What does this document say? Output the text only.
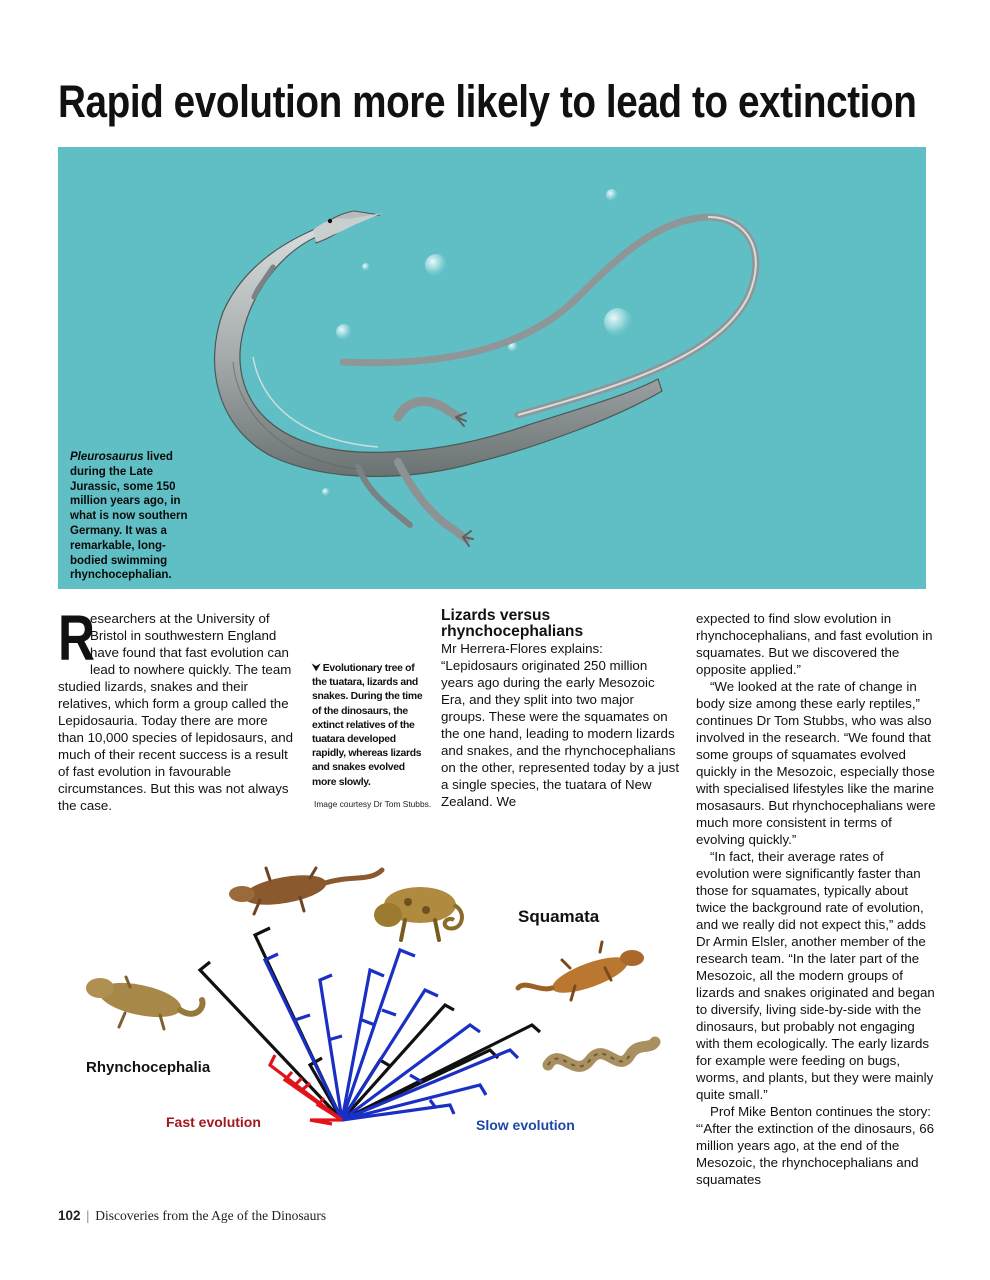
Rapid evolution more likely to lead to extinction
Pleurosaurus lived during the Late Jurassic, some 150 million years ago, in what is now southern Germany. It was a remarkable, long-bodied swimming rhynchocephalian.
R

esearchers at the University of Bristol in southwestern England have found that fast evolution can lead to nowhere quickly. The team studied lizards, snakes and their relatives, which form a group called the Lepidosauria. Today there are more than 10,000 species of lepidosaurs, and much of their recent success is a result of fast evolution in favourable circumstances. But this was not always the case.

⮟ Evolutionary tree of the tuatara, lizards and snakes. During the time of the dinosaurs, the extinct relatives of the tuatara developed rapidly, whereas lizards and snakes evolved more slowly.
Image courtesy Dr Tom Stubbs.
Lizards versus rhynchocephalians

Mr Herrera-Flores explains: “Lepidosaurs originated 250 million years ago during the early Mesozoic Era, and they split into two major groups. These were the squamates on the one hand, leading to modern lizards and snakes, and the rhynchocephalians on the other, represented today by a just a single species, the tuatara of New Zealand. We

expected to find slow evolution in rhynchocephalians, and fast evolution in squamates. But we discovered the opposite applied.”

“We looked at the rate of change in body size among these early reptiles,” continues Dr Tom Stubbs, who was also involved in the research. “We found that some groups of squamates evolved quickly in the Mesozoic, especially those with specialised lifestyles like the marine mosasaurs. But rhynchocephalians were much more consistent in terms of evolving quickly.”

“In fact, their average rates of evolution were significantly faster than those for squamates, typically about twice the background rate of evolution, and we really did not expect this,” adds Dr Armin Elsler, another member of the research team. “In the later part of the Mesozoic, all the modern groups of lizards and snakes originated and began to diversify, living side-by-side with the dinosaurs, but probably not engaging with them ecologically. The early lizards for example were feeding on bugs, worms, and plants, but they were mainly quite small.”

Prof Mike Benton continues the story: “‘After the extinction of the dinosaurs, 66 million years ago, at the end of the Mesozoic, the rhynchocephalians and squamates

Squamata
Rhynchocephalia
Fast evolution	Slow evolution
102 | Discoveries from the Age of the Dinosaurs
